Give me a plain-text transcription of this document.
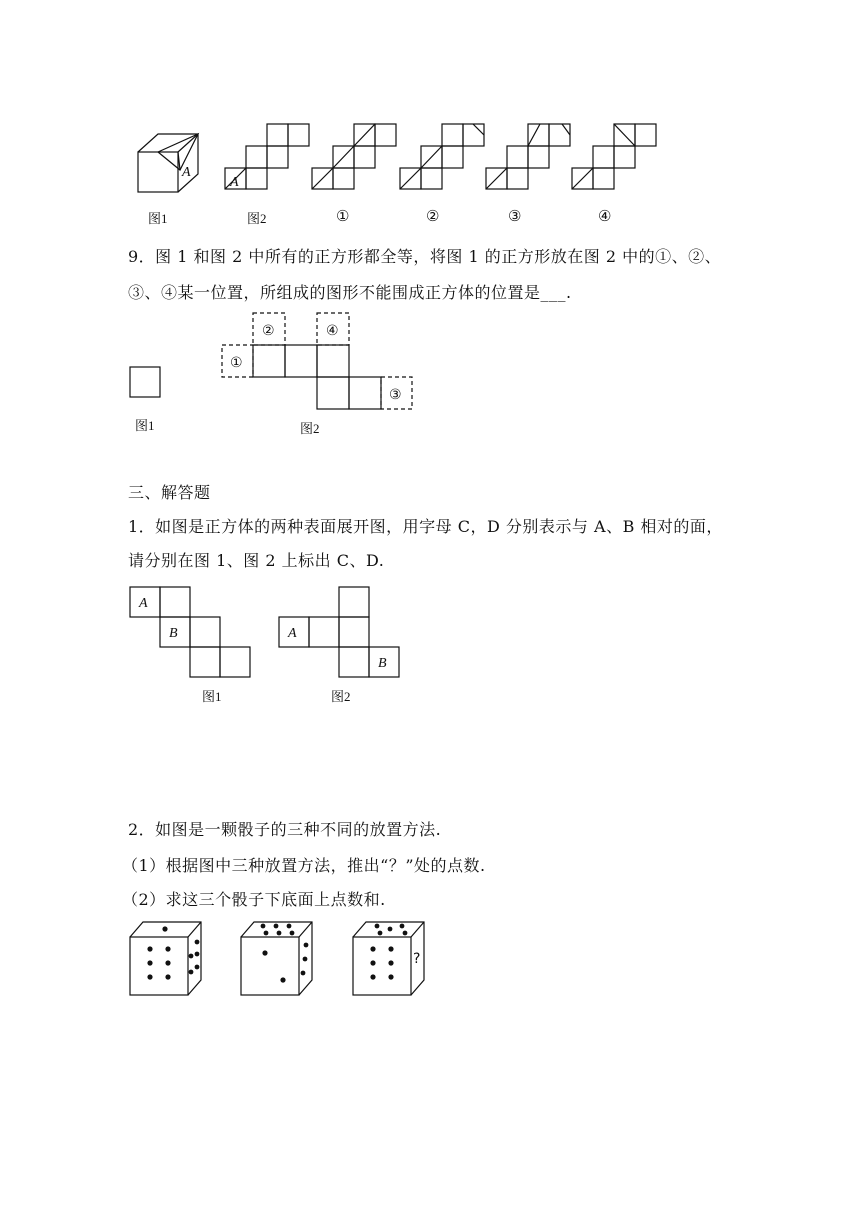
A
A
图1	图2	①	②	③	④
9．图 1 和图 2 中所有的正方形都全等，将图 1 的正方形放在图 2 中的①、②、
③、④某一位置，所组成的图形不能围成正方体的位置是___.
①
②	④
③
图1	图2
三、解答题
1．如图是正方体的两种表面展开图，用字母 C，D 分别表示与 A、B 相对的面，
请分别在图 1、图 2 上标出 C、D.
A
B	A
B
图1	图2
2．如图是一颗骰子的三种不同的放置方法.
（1）根据图中三种放置方法，推出“？”处的点数.
（2）求这三个骰子下底面上点数和.
?
